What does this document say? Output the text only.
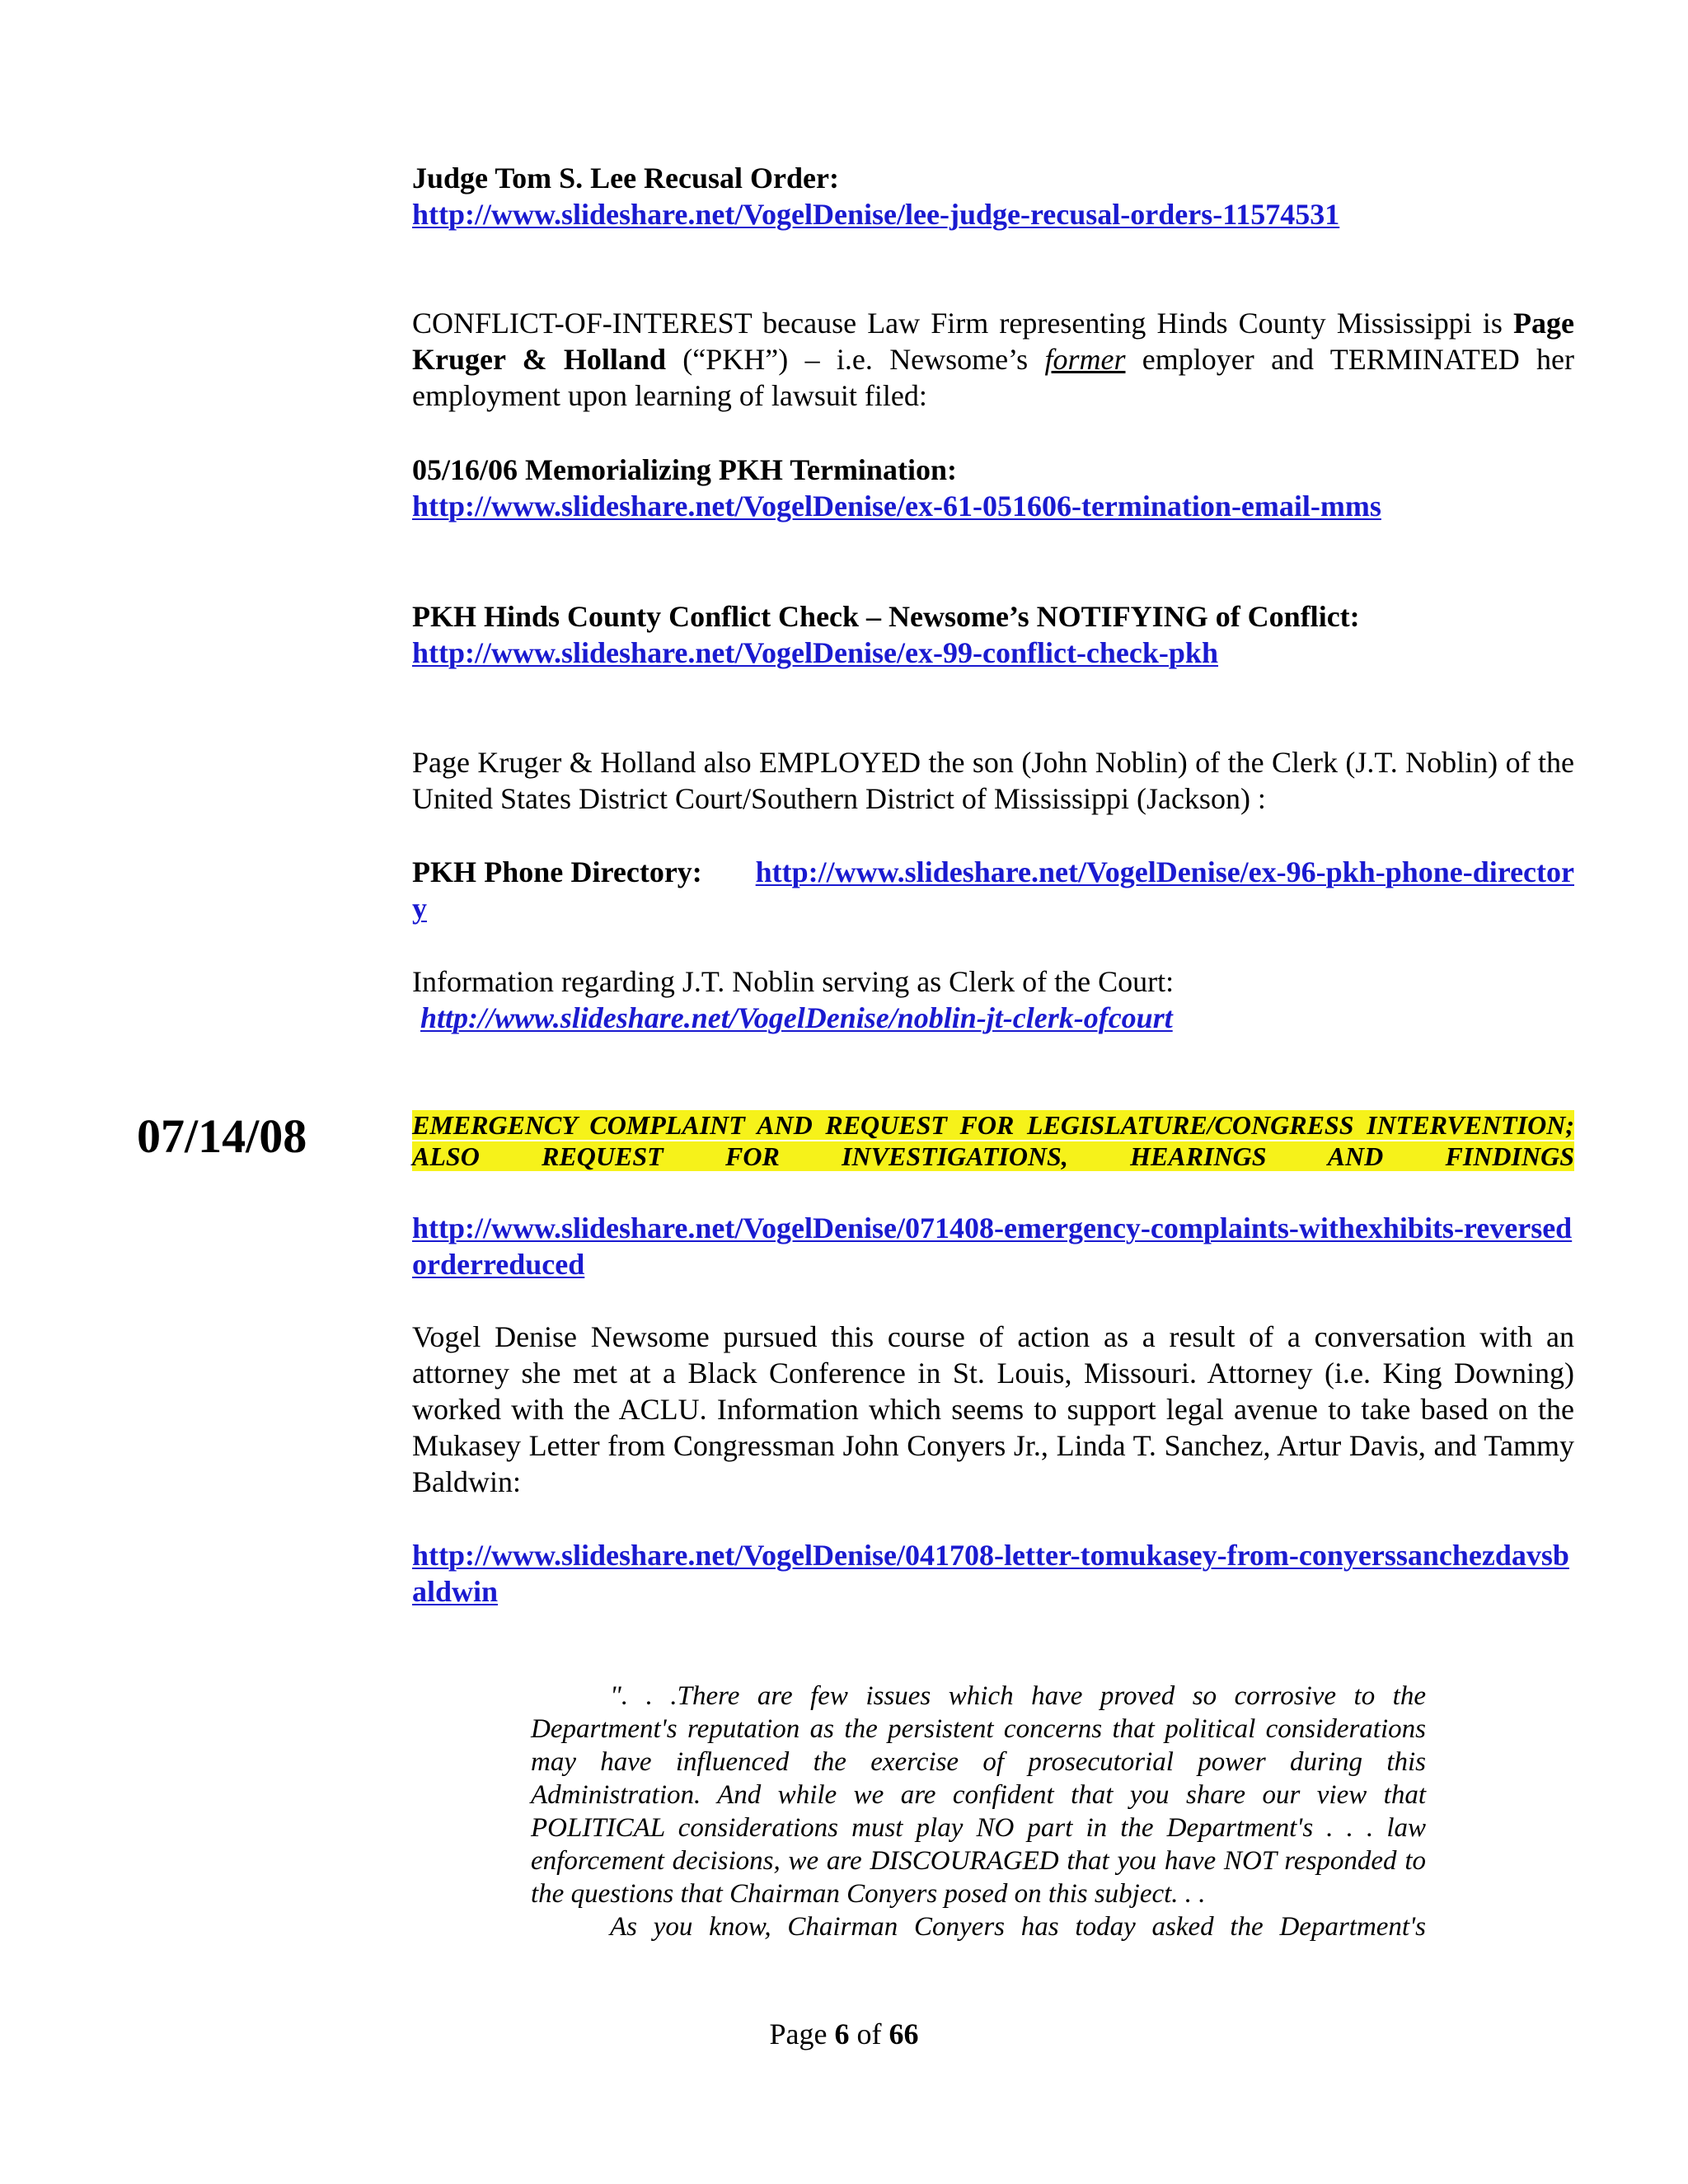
Judge Tom S. Lee Recusal Order:
http://www.slideshare.net/VogelDenise/lee-judge-recusal-orders-11574531
CONFLICT-OF-INTEREST because Law Firm representing Hinds County Mississippi is Page Kruger & Holland (“PKH”) – i.e. Newsome’s former employer and TERMINATED her employment upon learning of lawsuit filed:
05/16/06 Memorializing PKH Termination:
http://www.slideshare.net/VogelDenise/ex-61-051606-termination-email-mms
PKH Hinds County Conflict Check – Newsome’s NOTIFYING of Conflict:
http://www.slideshare.net/VogelDenise/ex-99-conflict-check-pkh
Page Kruger & Holland also EMPLOYED the son (John Noblin) of the Clerk (J.T. Noblin) of the United States District Court/Southern District of Mississippi (Jackson) :
PKH Phone Directory: http://www.slideshare.net/VogelDenise/ex-96-pkh-phone-directory
Information regarding J.T. Noblin serving as Clerk of the Court:
http://www.slideshare.net/VogelDenise/noblin-jt-clerk-ofcourt
07/14/08	EMERGENCY COMPLAINT AND REQUEST FOR LEGISLATURE/CONGRESS INTERVENTION; ALSO REQUEST FOR INVESTIGATIONS, HEARINGS AND FINDINGS
http://www.slideshare.net/VogelDenise/071408-emergency-complaints-withexhibits-reversedorderreduced
Vogel Denise Newsome pursued this course of action as a result of a conversation with an attorney she met at a Black Conference in St. Louis, Missouri. Attorney (i.e. King Downing) worked with the ACLU. Information which seems to support legal avenue to take based on the Mukasey Letter from Congressman John Conyers Jr., Linda T. Sanchez, Artur Davis, and Tammy Baldwin:
http://www.slideshare.net/VogelDenise/041708-letter-tomukasey-from-conyerssanchezdavsbaldwin
". . .There are few issues which have proved so corrosive to the Department's reputation as the persistent concerns that political considerations may have influenced the exercise of prosecutorial power during this Administration. And while we are confident that you share our view that POLITICAL considerations must play NO part in the Department's . . . law enforcement decisions, we are DISCOURAGED that you have NOT responded to the questions that Chairman Conyers posed on this subject. . .
As you know, Chairman Conyers has today asked the Department's
Page 6 of 66
